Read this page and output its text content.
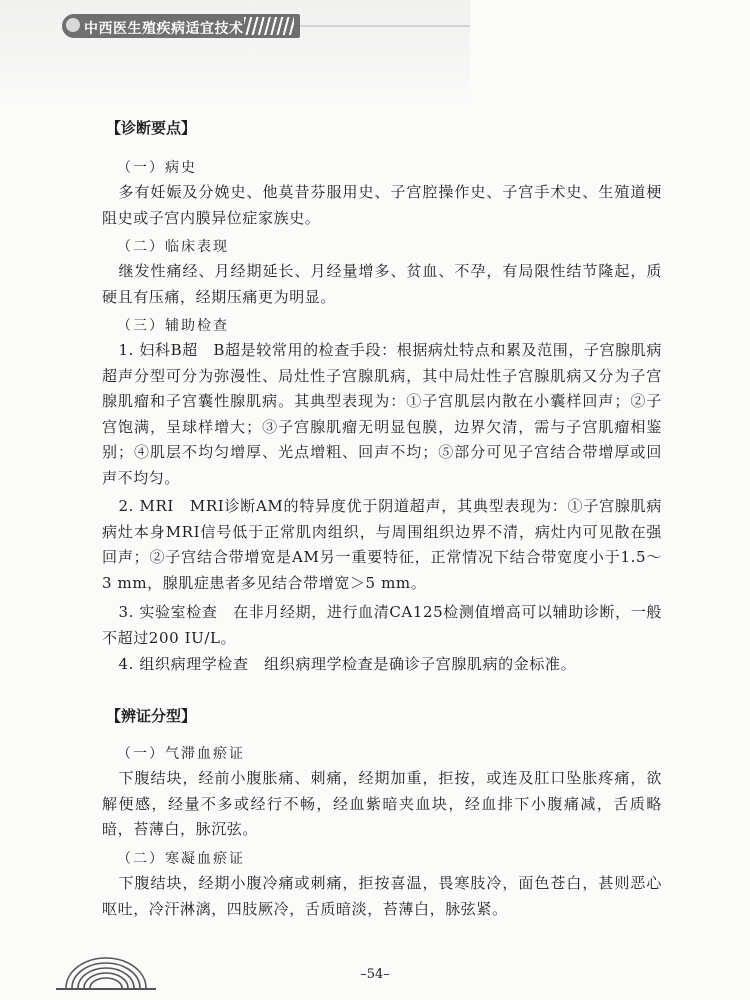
中西医生殖疾病适宜技术
【诊断要点】
（一）病史
多有妊娠及分娩史、他莫昔芬服用史、子宫腔操作史、子宫手术史、生殖道梗阻史或子宫内膜异位症家族史。
（二）临床表现
继发性痛经、月经期延长、月经量增多、贫血、不孕，有局限性结节隆起，质硬且有压痛，经期压痛更为明显。
（三）辅助检查
1. 妇科B超　B超是较常用的检查手段：根据病灶特点和累及范围，子宫腺肌病超声分型可分为弥漫性、局灶性子宫腺肌病，其中局灶性子宫腺肌病又分为子宫腺肌瘤和子宫囊性腺肌病。其典型表现为：①子宫肌层内散在小囊样回声；②子宫饱满，呈球样增大；③子宫腺肌瘤无明显包膜，边界欠清，需与子宫肌瘤相鉴别；④肌层不均匀增厚、光点增粗、回声不均；⑤部分可见子宫结合带增厚或回声不均匀。
2. MRI　MRI诊断AM的特异度优于阴道超声，其典型表现为：①子宫腺肌病病灶本身MRI信号低于正常肌肉组织，与周围组织边界不清，病灶内可见散在强回声；②子宫结合带增宽是AM另一重要特征，正常情况下结合带宽度小于1.5～3 mm，腺肌症患者多见结合带增宽＞5 mm。
3. 实验室检查　在非月经期，进行血清CA125检测值增高可以辅助诊断，一般不超过200 IU/L。
4. 组织病理学检查　组织病理学检查是确诊子宫腺肌病的金标准。
【辨证分型】
（一）气滞血瘀证
下腹结块，经前小腹胀痛、刺痛，经期加重，拒按，或连及肛口坠胀疼痛，欲解便感，经量不多或经行不畅，经血紫暗夹血块，经血排下小腹痛减，舌质略暗，苔薄白，脉沉弦。
（二）寒凝血瘀证
下腹结块，经期小腹冷痛或刺痛，拒按喜温，畏寒肢冷，面色苍白，甚则恶心呕吐，冷汗淋漓，四肢厥冷，舌质暗淡，苔薄白，脉弦紧。
–54–
